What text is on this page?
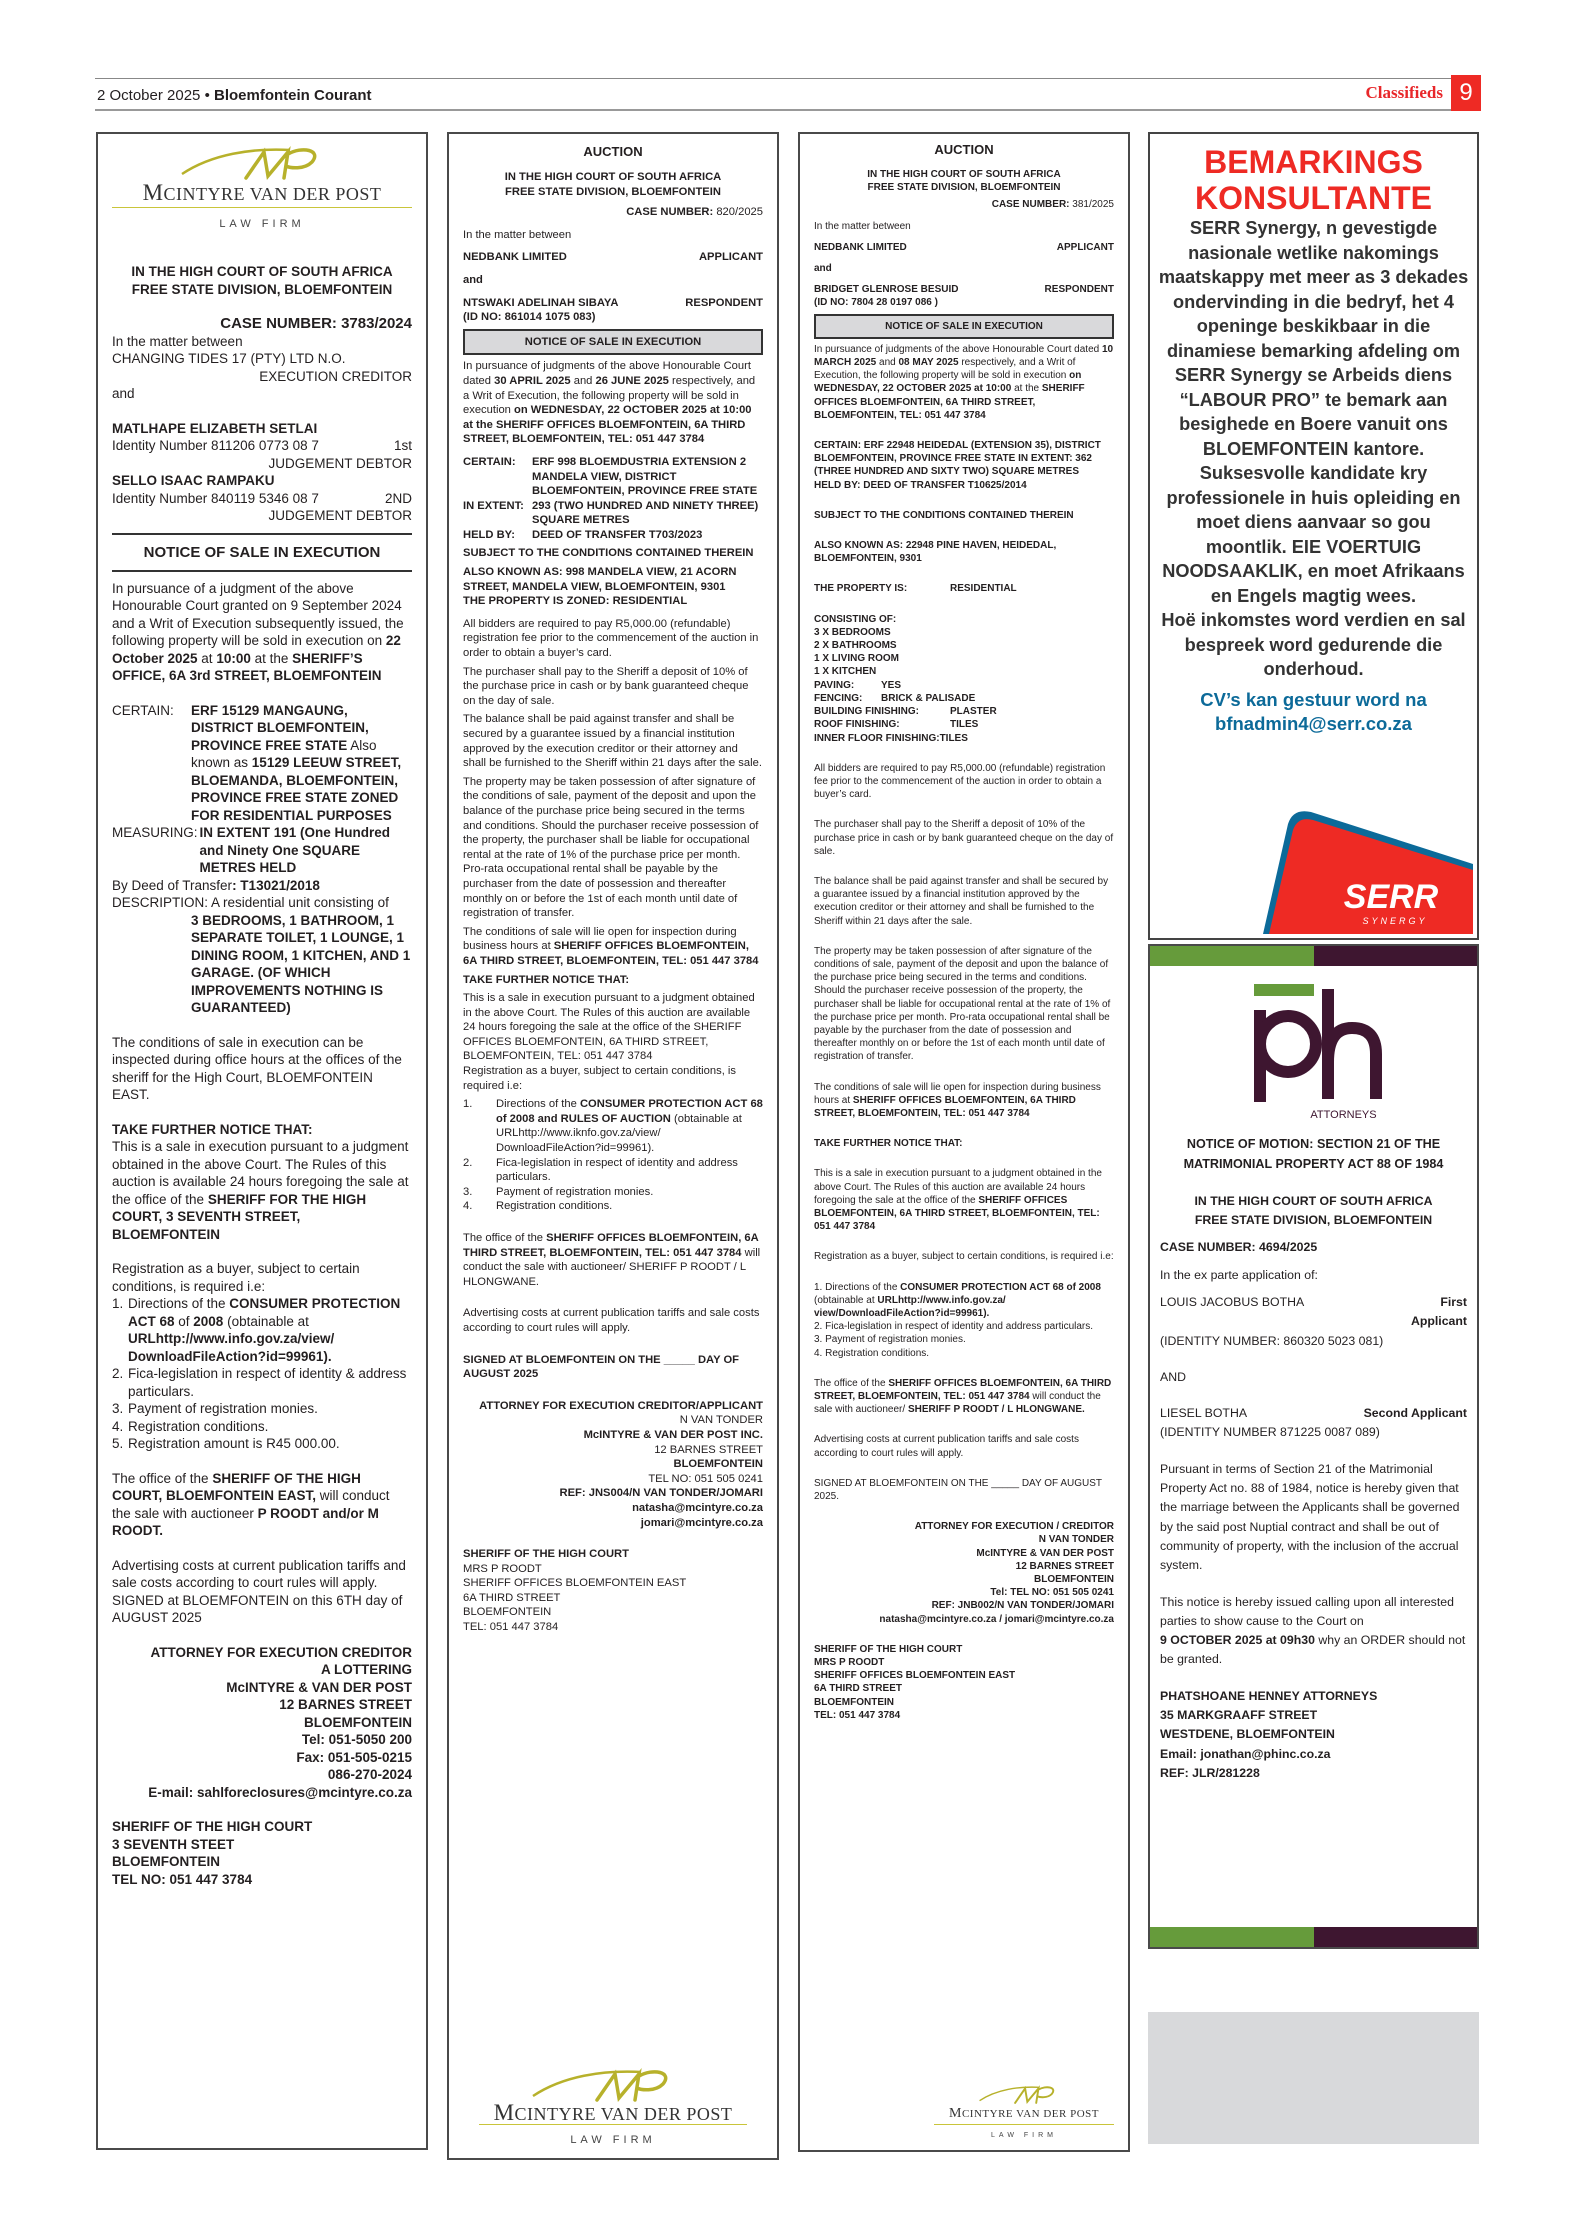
2 October 2025 • Bloemfontein Courant	Classifieds 9
MCINTYRE VAN DER POST
LAW FIRM
IN THE HIGH COURT OF SOUTH AFRICA
FREE STATE DIVISION, BLOEMFONTEIN
CASE NUMBER: 3783/2024
In the matter between
CHANGING TIDES 17 (PTY) LTD N.O.
EXECUTION CREDITOR
and
MATLHAPE ELIZABETH SETLAI
Identity Number 811206 0773 08 7	1st
JUDGEMENT DEBTOR
SELLO ISAAC RAMPAKU
Identity Number 840119 5346 08 7	2ND
JUDGEMENT DEBTOR
NOTICE OF SALE IN EXECUTION

In pursuance of a judgment of the above Honourable Court granted on 9 September 2024 and a Writ of Execution subsequently issued, the following property will be sold in execution on 22 October 2025 at 10:00 at the SHERIFF’S OFFICE, 6A 3rd STREET, BLOEMFONTEIN

CERTAIN:	ERF 15129 MANGAUNG, DISTRICT BLOEMFONTEIN, PROVINCE FREE STATE Also known as 15129 LEEUW STREET, BLOEMANDA, BLOEMFONTEIN, PROVINCE FREE STATE ZONED FOR RESIDENTIAL PURPOSES
MEASURING: IN EXTENT 191 (One Hundred and Ninety One SQUARE METRES HELD
By Deed of Transfer: T13021/2018
DESCRIPTION: A residential unit consisting of
3 BEDROOMS, 1 BATHROOM, 1 SEPARATE TOILET, 1 LOUNGE, 1 DINING ROOM, 1 KITCHEN, AND 1 GARAGE. (OF WHICH IMPROVEMENTS NOTHING IS GUARANTEED)

The conditions of sale in execution can be inspected during office hours at the offices of the sheriff for the High Court, BLOEMFONTEIN EAST.

TAKE FURTHER NOTICE THAT:

This is a sale in execution pursuant to a judgment obtained in the above Court. The Rules of this auction is available 24 hours foregoing the sale at the office of the SHERIFF FOR THE HIGH COURT, 3 SEVENTH STREET, BLOEMFONTEIN

Registration as a buyer, subject to certain conditions, is required i.e:

1. Directions of the CONSUMER PROTECTION ACT 68 of 2008 (obtainable at URLhttp://www.info.gov.za/view/ DownloadFileAction?id=99961).
2. Fica-legislation in respect of identity & address particulars.
3. Payment of registration monies.
4. Registration conditions.
5. Registration amount is R45 000.00.

The office of the SHERIFF OF THE HIGH COURT, BLOEMFONTEIN EAST, will conduct the sale with auctioneer P ROODT and/or M ROODT.

Advertising costs at current publication tariffs and sale costs according to court rules will apply.

SIGNED at BLOEMFONTEIN on this 6TH day of AUGUST 2025

ATTORNEY FOR EXECUTION CREDITOR
A LOTTERING
McINTYRE & VAN DER POST
12 BARNES STREET
BLOEMFONTEIN
Tel: 051-5050 200
Fax: 051-505-0215
086-270-2024
E-mail: sahlforeclosures@mcintyre.co.za
SHERIFF OF THE HIGH COURT
3 SEVENTH STEET
BLOEMFONTEIN
TEL NO: 051 447 3784
AUCTION
IN THE HIGH COURT OF SOUTH AFRICA
FREE STATE DIVISION, BLOEMFONTEIN
CASE NUMBER: 820/2025
In the matter between
NEDBANK LIMITED	APPLICANT
and
NTSWAKI ADELINAH SIBAYA	RESPONDENT
(ID NO: 861014 1075 083)
NOTICE OF SALE IN EXECUTION

In pursuance of judgments of the above Honourable Court dated 30 APRIL 2025 and 26 JUNE 2025 respectively, and a Writ of Execution, the following property will be sold in execution on WEDNESDAY, 22 OCTOBER 2025 at 10:00 at the SHERIFF OFFICES BLOEMFONTEIN, 6A THIRD STREET, BLOEMFONTEIN, TEL: 051 447 3784

CERTAIN:	ERF 998 BLOEMDUSTRIA EXTENSION 2 MANDELA VIEW, DISTRICT BLOEMFONTEIN, PROVINCE FREE STATE
IN EXTENT: 293 (TWO HUNDRED AND NINETY THREE) SQUARE METRES
HELD BY:	DEED OF TRANSFER T703/2023
SUBJECT TO THE CONDITIONS CONTAINED THEREIN
ALSO KNOWN AS: 998 MANDELA VIEW, 21 ACORN STREET, MANDELA VIEW, BLOEMFONTEIN, 9301
THE PROPERTY IS ZONED: RESIDENTIAL

All bidders are required to pay R5,000.00 (refundable) registration fee prior to the commencement of the auction in order to obtain a buyer’s card.

The purchaser shall pay to the Sheriff a deposit of 10% of the purchase price in cash or by bank guaranteed cheque on the day of sale.

The balance shall be paid against transfer and shall be secured by a guarantee issued by a financial institution approved by the execution creditor or their attorney and shall be furnished to the Sheriff within 21 days after the sale.

The property may be taken possession of after signature of the conditions of sale, payment of the deposit and upon the balance of the purchase price being secured in the terms and conditions. Should the purchaser receive possession of the property, the purchaser shall be liable for occupational rental at the rate of 1% of the purchase price per month. Pro-rata occupational rental shall be payable by the purchaser from the date of possession and thereafter monthly on or before the 1st of each month until date of registration of transfer.

The conditions of sale will lie open for inspection during business hours at SHERIFF OFFICES BLOEMFONTEIN, 6A THIRD STREET, BLOEMFONTEIN, TEL: 051 447 3784

TAKE FURTHER NOTICE THAT:

This is a sale in execution pursuant to a judgment obtained in the above Court. The Rules of this auction are available 24 hours foregoing the sale at the office of the SHERIFF OFFICES BLOEMFONTEIN, 6A THIRD STREET, BLOEMFONTEIN, TEL: 051 447 3784

Registration as a buyer, subject to certain conditions, is required i.e:

1.	Directions of the CONSUMER PROTECTION ACT 68 of 2008 and RULES OF AUCTION (obtainable at URLhttp://www.iknfo.gov.za/view/ DownloadFileAction?id=99961).
2.	Fica-legislation in respect of identity and address particulars.
3.	Payment of registration monies.
4.	Registration conditions.

The office of the SHERIFF OFFICES BLOEMFONTEIN, 6A THIRD STREET, BLOEMFONTEIN, TEL: 051 447 3784 will conduct the sale with auctioneer/ SHERIFF P ROODT / L HLONGWANE.

Advertising costs at current publication tariffs and sale costs according to court rules will apply.

SIGNED AT BLOEMFONTEIN ON THE _____ DAY OF AUGUST 2025

ATTORNEY FOR EXECUTION CREDITOR/APPLICANT
N VAN TONDER
McINTYRE & VAN DER POST INC.
12 BARNES STREET
BLOEMFONTEIN
TEL NO: 051 505 0241
REF: JNS004/N VAN TONDER/JOMARI
natasha@mcintyre.co.za
jomari@mcintyre.co.za
SHERIFF OF THE HIGH COURT
MRS P ROODT
SHERIFF OFFICES BLOEMFONTEIN EAST
6A THIRD STREET
BLOEMFONTEIN
TEL: 051 447 3784
MCINTYRE VAN DER POST
LAW FIRM
AUCTION
IN THE HIGH COURT OF SOUTH AFRICA
FREE STATE DIVISION, BLOEMFONTEIN
CASE NUMBER: 381/2025
In the matter between
NEDBANK LIMITED	APPLICANT
and
BRIDGET GLENROSE BESUID	RESPONDENT
(ID NO: 7804 28 0197 086 )
NOTICE OF SALE IN EXECUTION

In pursuance of judgments of the above Honourable Court dated 10 MARCH 2025 and 08 MAY 2025 respectively, and a Writ of Execution, the following property will be sold in execution on WEDNESDAY, 22 OCTOBER 2025 at 10:00 at the SHERIFF OFFICES BLOEMFONTEIN, 6A THIRD STREET, BLOEMFONTEIN, TEL: 051 447 3784

CERTAIN: ERF 22948 HEIDEDAL (EXTENSION 35), DISTRICT BLOEMFONTEIN, PROVINCE FREE STATE IN EXTENT: 362 (THREE HUNDRED AND SIXTY TWO) SQUARE METRES
HELD BY: DEED OF TRANSFER T10625/2014
SUBJECT TO THE CONDITIONS CONTAINED THEREIN
ALSO KNOWN AS: 22948 PINE HAVEN, HEIDEDAL, BLOEMFONTEIN, 9301
THE PROPERTY IS:	RESIDENTIAL
CONSISTING OF:
3 X BEDROOMS
2 X BATHROOMS
1 X LIVING ROOM
1 X KITCHEN
PAVING:	YES
FENCING:	BRICK & PALISADE
BUILDING FINISHING:	PLASTER
ROOF FINISHING:	TILES
INNER FLOOR FINISHING: TILES

All bidders are required to pay R5,000.00 (refundable) registration fee prior to the commencement of the auction in order to obtain a buyer’s card.

The purchaser shall pay to the Sheriff a deposit of 10% of the purchase price in cash or by bank guaranteed cheque on the day of sale.

The balance shall be paid against transfer and shall be secured by a guarantee issued by a financial institution approved by the execution creditor or their attorney and shall be furnished to the Sheriff within 21 days after the sale.

The property may be taken possession of after signature of the conditions of sale, payment of the deposit and upon the balance of the purchase price being secured in the terms and conditions. Should the purchaser receive possession of the property, the purchaser shall be liable for occupational rental at the rate of 1% of the purchase price per month. Pro-rata occupational rental shall be payable by the purchaser from the date of possession and thereafter monthly on or before the 1st of each month until date of registration of transfer.

The conditions of sale will lie open for inspection during business hours at SHERIFF OFFICES BLOEMFONTEIN, 6A THIRD STREET, BLOEMFONTEIN, TEL: 051 447 3784

TAKE FURTHER NOTICE THAT:

This is a sale in execution pursuant to a judgment obtained in the above Court. The Rules of this auction are available 24 hours foregoing the sale at the office of the SHERIFF OFFICES BLOEMFONTEIN, 6A THIRD STREET, BLOEMFONTEIN, TEL: 051 447 3784

Registration as a buyer, subject to certain conditions, is required i.e:

1. Directions of the CONSUMER PROTECTION ACT 68 of 2008 (obtainable at URLhttp://www.info.gov.za/ view/DownloadFileAction?id=99961).

2. Fica-legislation in respect of identity and address particulars.
3. Payment of registration monies.
4. Registration conditions.

The office of the SHERIFF OFFICES BLOEMFONTEIN, 6A THIRD STREET, BLOEMFONTEIN, TEL: 051 447 3784 will conduct the sale with auctioneer/ SHERIFF P ROODT / L HLONGWANE.

Advertising costs at current publication tariffs and sale costs according to court rules will apply.

SIGNED AT BLOEMFONTEIN ON THE _____ DAY OF AUGUST 2025.

ATTORNEY FOR EXECUTION / CREDITOR
N VAN TONDER
McINTYRE & VAN DER POST
12 BARNES STREET
BLOEMFONTEIN
Tel: TEL NO: 051 505 0241
REF: JNB002/N VAN TONDER/JOMARI
natasha@mcintyre.co.za / jomari@mcintyre.co.za
SHERIFF OF THE HIGH COURT
MRS P ROODT
SHERIFF OFFICES BLOEMFONTEIN EAST
6A THIRD STREET
BLOEMFONTEIN
TEL: 051 447 3784
MCINTYRE VAN DER POST
LAW FIRM
BEMARKINGS
KONSULTANTE
SERR Synergy, n gevestigde nasionale wetlike nakomings maatskappy met meer as 3 dekades ondervinding in die bedryf, het 4 openinge beskikbaar in die dinamiese bemarking afdeling om SERR Synergy se Arbeids diens “LABOUR PRO” te bemark aan besighede en Boere vanuit ons BLOEMFONTEIN kantore. Suksesvolle kandidate kry professionele in huis opleiding en moet diens aanvaar so gou moontlik. EIE VOERTUIG NOODSAAKLIK, en moet Afrikaans en Engels magtig wees.
Hoë inkomstes word verdien en sal bespreek word gedurende die onderhoud.
CV’s kan gestuur word na
bfnadmin4@serr.co.za
SERR
SYNERGY
ATTORNEYS
NOTICE OF MOTION: SECTION 21 OF THE MATRIMONIAL PROPERTY ACT 88 OF 1984
IN THE HIGH COURT OF SOUTH AFRICA
FREE STATE DIVISION, BLOEMFONTEIN
CASE NUMBER: 4694/2025
In the ex parte application of:
LOUIS JACOBUS BOTHA	First
Applicant
(IDENTITY NUMBER: 860320 5023 081)
AND
LIESEL BOTHA	Second Applicant
(IDENTITY NUMBER 871225 0087 089)

Pursuant in terms of Section 21 of the Matrimonial Property Act no. 88 of 1984, notice is hereby given that the marriage between the Applicants shall be governed by the said post Nuptial contract and shall be out of community of property, with the inclusion of the accrual system.

This notice is hereby issued calling upon all interested parties to show cause to the Court on

9 OCTOBER 2025 at 09h30 why an ORDER should not be granted.

PHATSHOANE HENNEY ATTORNEYS
35 MARKGRAAFF STREET
WESTDENE, BLOEMFONTEIN
Email: jonathan@phinc.co.za
REF: JLR/281228
